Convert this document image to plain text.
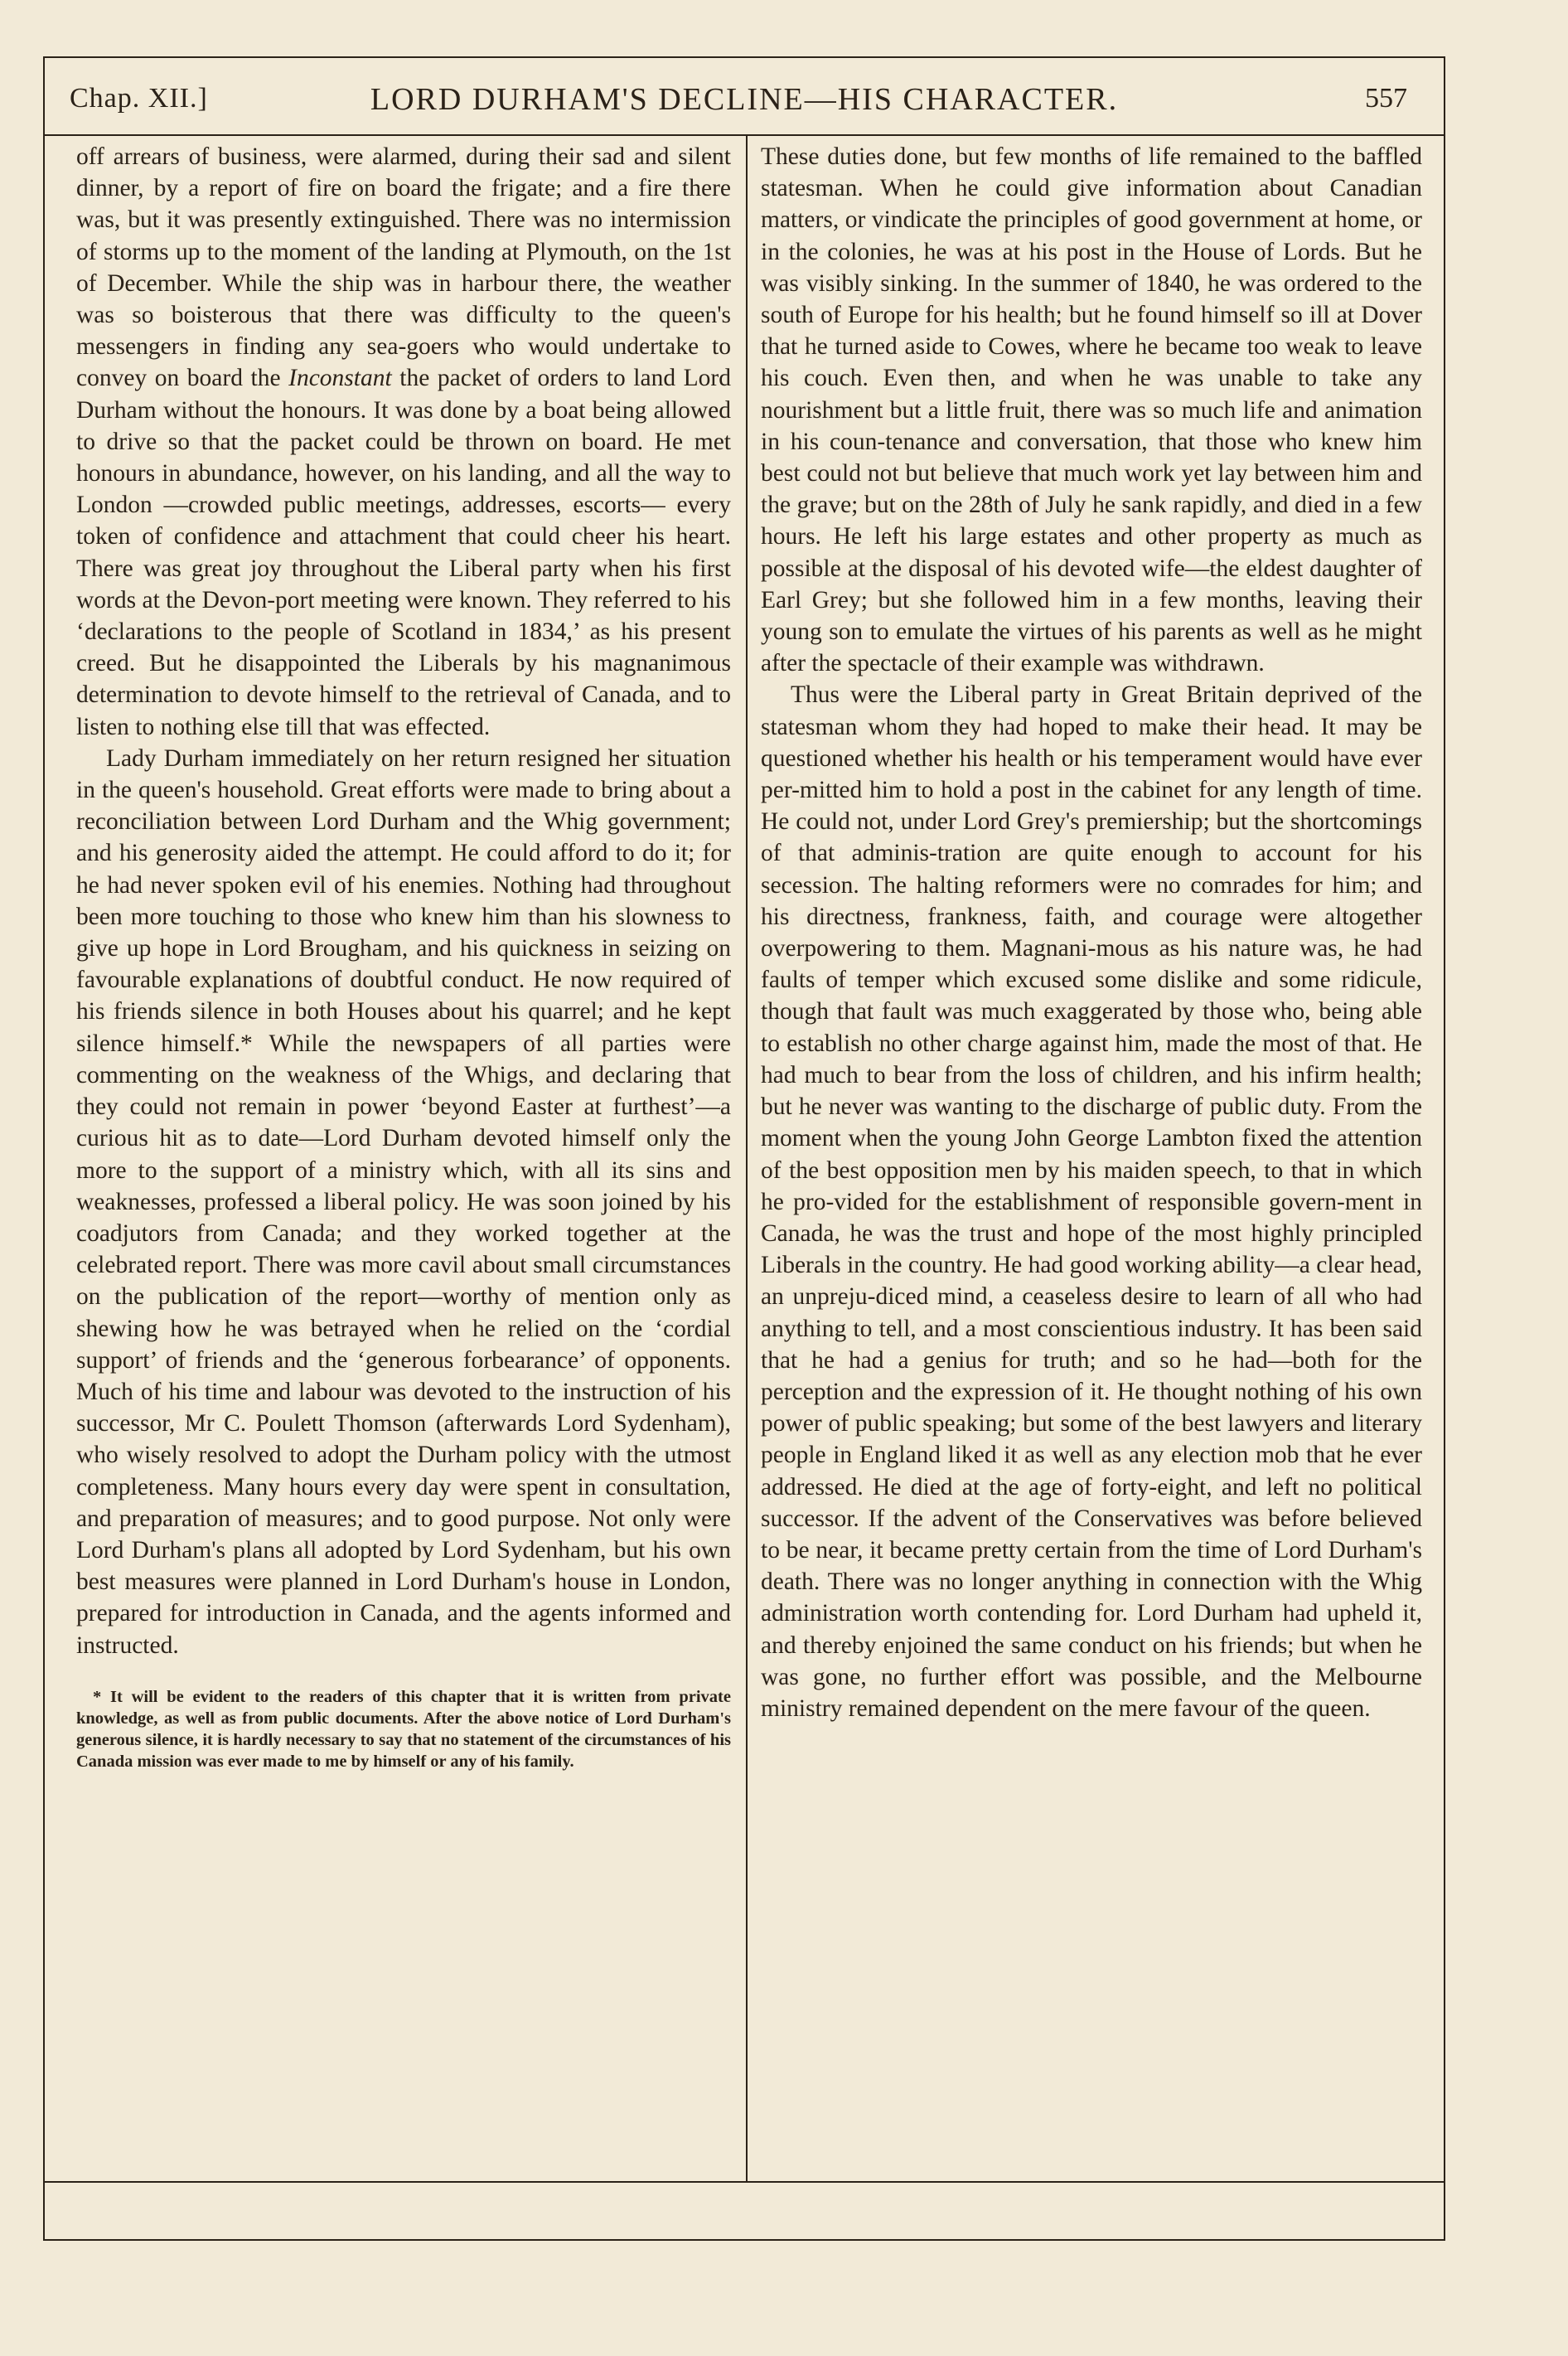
Chap. XII.]	LORD DURHAM'S DECLINE—HIS CHARACTER.	557

off arrears of business, were alarmed, during their sad and silent dinner, by a report of fire on board the frigate; and a fire there was, but it was presently extinguished. There was no intermission of storms up to the moment of the landing at Plymouth, on the 1st of December. While the ship was in harbour there, the weather was so boisterous that there was difficulty to the queen's messengers in finding any sea-goers who would undertake to convey on board the Inconstant the packet of orders to land Lord Durham without the honours. It was done by a boat being allowed to drive so that the packet could be thrown on board. He met honours in abundance, however, on his landing, and all the way to London —crowded public meetings, addresses, escorts— every token of confidence and attachment that could cheer his heart. There was great joy throughout the Liberal party when his first words at the Devon-port meeting were known. They referred to his ‘declarations to the people of Scotland in 1834,’ as his present creed. But he disappointed the Liberals by his magnanimous determination to devote himself to the retrieval of Canada, and to listen to nothing else till that was effected.

Lady Durham immediately on her return resigned her situation in the queen's household. Great efforts were made to bring about a reconciliation between Lord Durham and the Whig government; and his generosity aided the attempt. He could afford to do it; for he had never spoken evil of his enemies. Nothing had throughout been more touching to those who knew him than his slowness to give up hope in Lord Brougham, and his quickness in seizing on favourable explanations of doubtful conduct. He now required of his friends silence in both Houses about his quarrel; and he kept silence himself.* While the newspapers of all parties were commenting on the weakness of the Whigs, and declaring that they could not remain in power ‘beyond Easter at furthest’—a curious hit as to date—Lord Durham devoted himself only the more to the support of a ministry which, with all its sins and weaknesses, professed a liberal policy. He was soon joined by his coadjutors from Canada; and they worked together at the celebrated report. There was more cavil about small circumstances on the publication of the report—worthy of mention only as shewing how he was betrayed when he relied on the ‘cordial support’ of friends and the ‘generous forbearance’ of opponents. Much of his time and labour was devoted to the instruction of his successor, Mr C. Poulett Thomson (afterwards Lord Sydenham), who wisely resolved to adopt the Durham policy with the utmost completeness. Many hours every day were spent in consultation, and preparation of measures; and to good purpose. Not only were Lord Durham's plans all adopted by Lord Sydenham, but his own best measures were planned in Lord Durham's house in London, prepared for introduction in Canada, and the agents informed and instructed.

* It will be evident to the readers of this chapter that it is written from private knowledge, as well as from public documents. After the above notice of Lord Durham's generous silence, it is hardly necessary to say that no statement of the circumstances of his Canada mission was ever made to me by himself or any of his family.

These duties done, but few months of life remained to the baffled statesman. When he could give information about Canadian matters, or vindicate the principles of good government at home, or in the colonies, he was at his post in the House of Lords. But he was visibly sinking. In the summer of 1840, he was ordered to the south of Europe for his health; but he found himself so ill at Dover that he turned aside to Cowes, where he became too weak to leave his couch. Even then, and when he was unable to take any nourishment but a little fruit, there was so much life and animation in his coun-tenance and conversation, that those who knew him best could not but believe that much work yet lay between him and the grave; but on the 28th of July he sank rapidly, and died in a few hours. He left his large estates and other property as much as possible at the disposal of his devoted wife—the eldest daughter of Earl Grey; but she followed him in a few months, leaving their young son to emulate the virtues of his parents as well as he might after the spectacle of their example was withdrawn.

Thus were the Liberal party in Great Britain deprived of the statesman whom they had hoped to make their head. It may be questioned whether his health or his temperament would have ever per-mitted him to hold a post in the cabinet for any length of time. He could not, under Lord Grey's premiership; but the shortcomings of that adminis-tration are quite enough to account for his secession. The halting reformers were no comrades for him; and his directness, frankness, faith, and courage were altogether overpowering to them. Magnani-mous as his nature was, he had faults of temper which excused some dislike and some ridicule, though that fault was much exaggerated by those who, being able to establish no other charge against him, made the most of that. He had much to bear from the loss of children, and his infirm health; but he never was wanting to the discharge of public duty. From the moment when the young John George Lambton fixed the attention of the best opposition men by his maiden speech, to that in which he pro-vided for the establishment of responsible govern-ment in Canada, he was the trust and hope of the most highly principled Liberals in the country. He had good working ability—a clear head, an unpreju-diced mind, a ceaseless desire to learn of all who had anything to tell, and a most conscientious industry. It has been said that he had a genius for truth; and so he had—both for the perception and the expression of it. He thought nothing of his own power of public speaking; but some of the best lawyers and literary people in England liked it as well as any election mob that he ever addressed. He died at the age of forty-eight, and left no political successor. If the advent of the Conservatives was before believed to be near, it became pretty certain from the time of Lord Durham's death. There was no longer anything in connection with the Whig administration worth contending for. Lord Durham had upheld it, and thereby enjoined the same conduct on his friends; but when he was gone, no further effort was possible, and the Melbourne ministry remained dependent on the mere favour of the queen.
